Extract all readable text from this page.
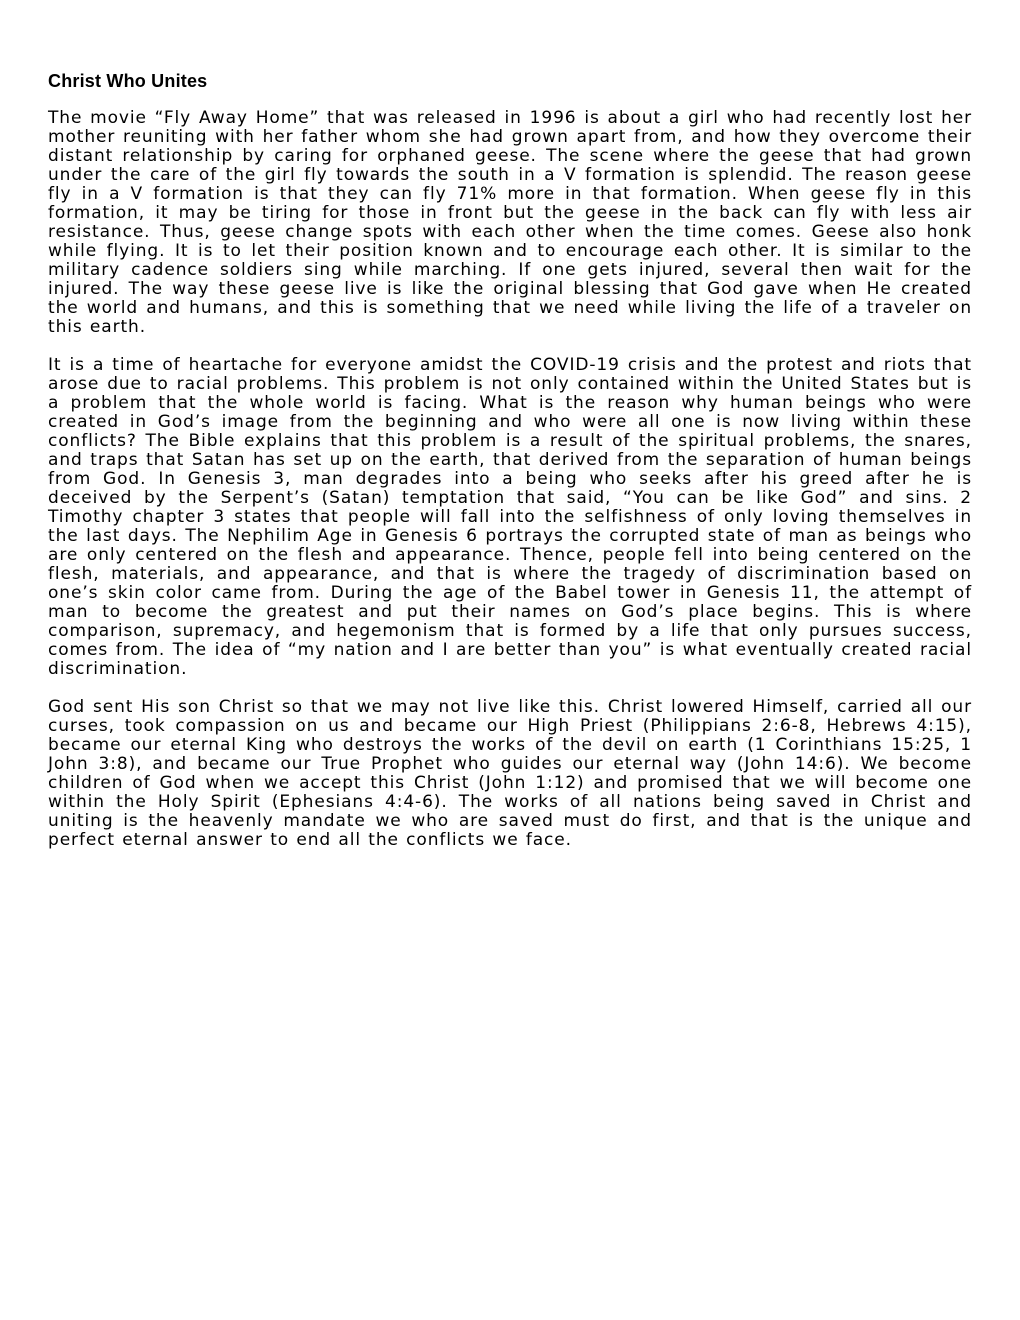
Christ Who Unites

The movie “Fly Away Home” that was released in 1996 is about a girl who had recently lost her mother reuniting with her father whom she had grown apart from, and how they overcome their distant relationship by caring for orphaned geese. The scene where the geese that had grown under the care of the girl fly towards the south in a V formation is splendid. The reason geese fly in a V formation is that they can fly 71% more in that formation. When geese fly in this formation, it may be tiring for those in front but the geese in the back can fly with less air resistance. Thus, geese change spots with each other when the time comes. Geese also honk while flying. It is to let their position known and to encourage each other. It is similar to the military cadence soldiers sing while marching. If one gets injured, several then wait for the injured. The way these geese live is like the original blessing that God gave when He created the world and humans, and this is something that we need while living the life of a traveler on this earth.

It is a time of heartache for everyone amidst the COVID-19 crisis and the protest and riots that arose due to racial problems. This problem is not only contained within the United States but is a problem that the whole world is facing. What is the reason why human beings who were created in God’s image from the beginning and who were all one is now living within these conflicts? The Bible explains that this problem is a result of the spiritual problems, the snares, and traps that Satan has set up on the earth, that derived from the separation of human beings from God. In Genesis 3, man degrades into a being who seeks after his greed after he is deceived by the Serpent’s (Satan) temptation that said, “You can be like God” and sins. 2 Timothy chapter 3 states that people will fall into the selfishness of only loving themselves in the last days. The Nephilim Age in Genesis 6 portrays the corrupted state of man as beings who are only centered on the flesh and appearance. Thence, people fell into being centered on the flesh, materials, and appearance, and that is where the tragedy of discrimination based on one’s skin color came from. During the age of the Babel tower in Genesis 11, the attempt of man to become the greatest and put their names on God’s place begins. This is where comparison, supremacy, and hegemonism that is formed by a life that only pursues success, comes from. The idea of “my nation and I are better than you” is what eventually created racial discrimination.

God sent His son Christ so that we may not live like this. Christ lowered Himself, carried all our curses, took compassion on us and became our High Priest (Philippians 2:6-8, Hebrews 4:15), became our eternal King who destroys the works of the devil on earth (1 Corinthians 15:25, 1 John 3:8), and became our True Prophet who guides our eternal way (John 14:6). We become children of God when we accept this Christ (John 1:12) and promised that we will become one within the Holy Spirit (Ephesians 4:4-6). The works of all nations being saved in Christ and uniting is the heavenly mandate we who are saved must do first, and that is the unique and perfect eternal answer to end all the conflicts we face.
